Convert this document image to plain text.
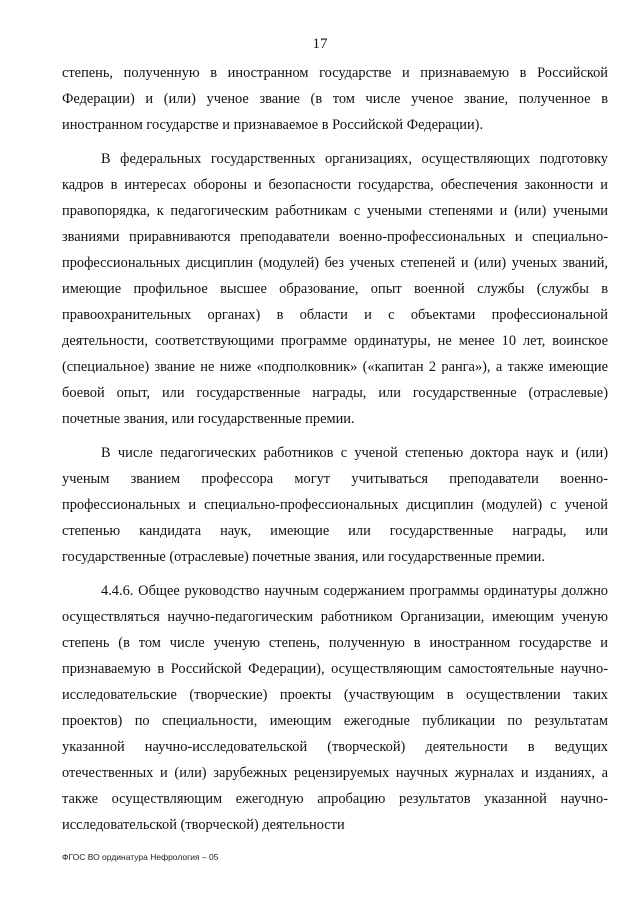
17

степень, полученную в иностранном государстве и признаваемую в Российской Федерации) и (или) ученое звание (в том числе ученое звание, полученное в иностранном государстве и признаваемое в Российской Федерации).

В федеральных государственных организациях, осуществляющих подготовку кадров в интересах обороны и безопасности государства, обеспечения законности и правопорядка, к педагогическим работникам с учеными степенями и (или) учеными званиями приравниваются преподаватели военно-профессиональных и специально-профессиональных дисциплин (модулей) без ученых степеней и (или) ученых званий, имеющие профильное высшее образование, опыт военной службы (службы в правоохранительных органах) в области и с объектами профессиональной деятельности, соответствующими программе ординатуры, не менее 10 лет, воинское (специальное) звание не ниже «подполковник» («капитан 2 ранга»), а также имеющие боевой опыт, или государственные награды, или государственные (отраслевые) почетные звания, или государственные премии.

В числе педагогических работников с ученой степенью доктора наук и (или) ученым званием профессора могут учитываться преподаватели военно-профессиональных и специально-профессиональных дисциплин (модулей) с ученой степенью кандидата наук, имеющие или государственные награды, или государственные (отраслевые) почетные звания, или государственные премии.

4.4.6. Общее руководство научным содержанием программы ординатуры должно осуществляться научно-педагогическим работником Организации, имеющим ученую степень (в том числе ученую степень, полученную в иностранном государстве и признаваемую в Российской Федерации), осуществляющим самостоятельные научно-исследовательские (творческие) проекты (участвующим в осуществлении таких проектов) по специальности, имеющим ежегодные публикации по результатам указанной научно-исследовательской (творческой) деятельности в ведущих отечественных и (или) зарубежных рецензируемых научных журналах и изданиях, а также осуществляющим ежегодную апробацию результатов указанной научно-исследовательской (творческой) деятельности

ФГОС ВО ординатура Нефрология – 05
